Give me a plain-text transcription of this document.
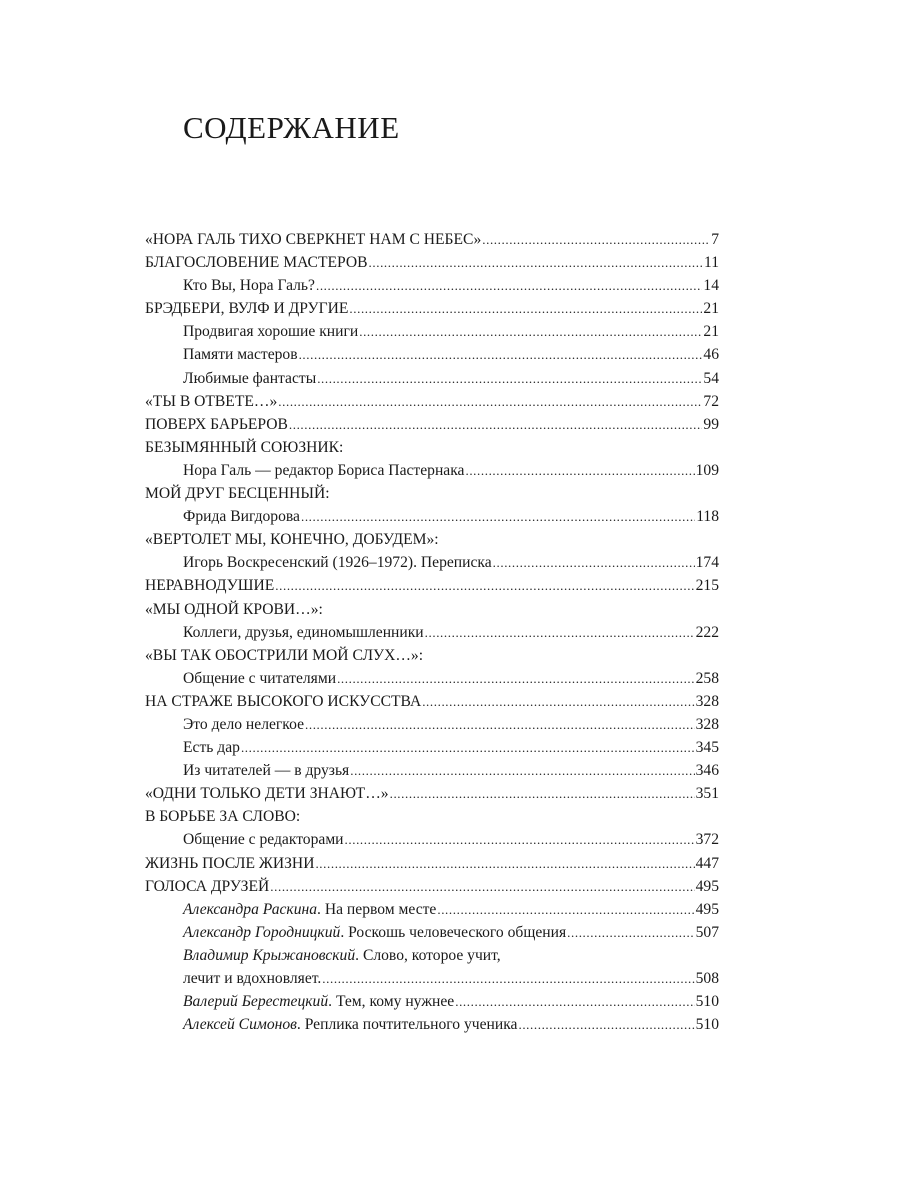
СОДЕРЖАНИЕ
«НОРА ГАЛЬ ТИХО СВЕРКНЕТ НАМ С НЕБЕС» .....	7
БЛАГОСЛОВЕНИЕ МАСТЕРОВ .....	11
Кто Вы, Нора Галь? .....	14
БРЭДБЕРИ, ВУЛФ И ДРУГИЕ .....	21
Продвигая хорошие книги .....	21
Памяти мастеров .....	46
Любимые фантасты .....	54
«ТЫ В ОТВЕТЕ…» .....	72
ПОВЕРХ БАРЬЕРОВ .....	99
БЕЗЫМЯННЫЙ СОЮЗНИК:
Нора Галь — редактор Бориса Пастернака .....	109
МОЙ ДРУГ БЕСЦЕННЫЙ:
Фрида Вигдорова .....	118
«ВЕРТОЛЕТ МЫ, КОНЕЧНО, ДОБУДЕМ»:
Игорь Воскресенский (1926–1972). Переписка .....	174
НЕРАВНОДУШИЕ .....	215
«МЫ ОДНОЙ КРОВИ…»:
Коллеги, друзья, единомышленники .....	222
«ВЫ ТАК ОБОСТРИЛИ МОЙ СЛУХ…»:
Общение с читателями .....	258
НА СТРАЖЕ ВЫСОКОГО ИСКУССТВА .....	328
Это дело нелегкое .....	328
Есть дар .....	345
Из читателей — в друзья .....	346
«ОДНИ ТОЛЬКО ДЕТИ ЗНАЮТ…» .....	351
В БОРЬБЕ ЗА СЛОВО:
Общение с редакторами .....	372
ЖИЗНЬ ПОСЛЕ ЖИЗНИ .....	447
ГОЛОСА ДРУЗЕЙ .....	495
Александра Раскина. На первом месте .....	495
Александр Городницкий. Роскошь человеческого общения .....	507
Владимир Крыжановский. Слово, которое учит,
лечит и вдохновляет. .....	508
Валерий Берестецкий. Тем, кому нужнее .....	510
Алексей Симонов. Реплика почтительного ученика .....	510
